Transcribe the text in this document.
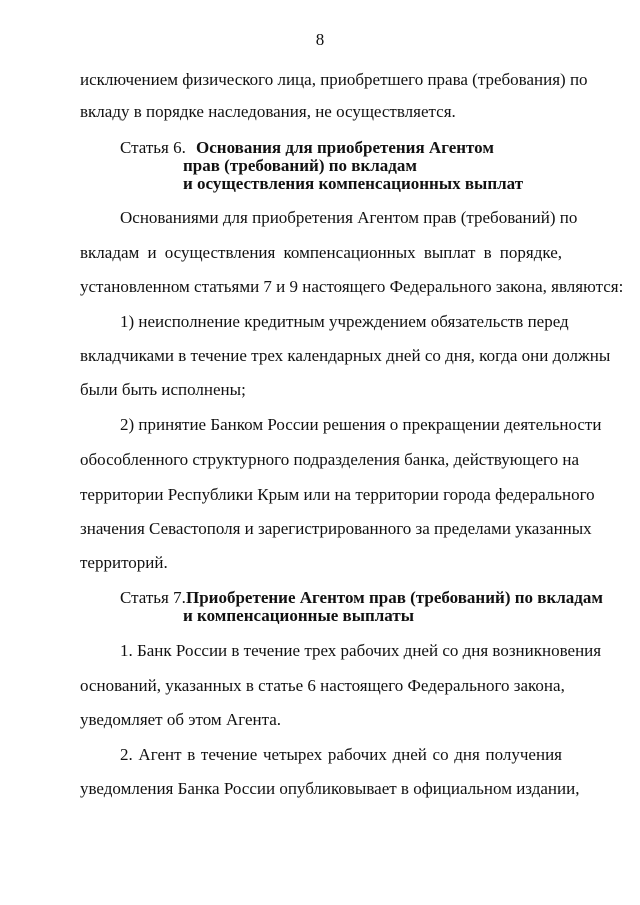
8
исключением физического лица, приобретшего права (требования) по
вкладу в порядке наследования, не осуществляется.
Статья 6. Основания для приобретения Агентом
прав (требований) по вкладам
и осуществления компенсационных выплат
Основаниями для приобретения Агентом прав (требований) по
вкладам и осуществления компенсационных выплат в порядке,
установленном статьями 7 и 9 настоящего Федерального закона, являются:
1) неисполнение кредитным учреждением обязательств перед
вкладчиками в течение трех календарных дней со дня, когда они должны
были быть исполнены;
2) принятие Банком России решения о прекращении деятельности
обособленного структурного подразделения банка, действующего на
территории Республики Крым или на территории города федерального
значения Севастополя и зарегистрированного за пределами указанных
территорий.
Статья 7. Приобретение Агентом прав (требований) по вкладам
и компенсационные выплаты
1. Банк России в течение трех рабочих дней со дня возникновения
оснований, указанных в статье 6 настоящего Федерального закона,
уведомляет об этом Агента.
2. Агент в течение четырех рабочих дней со дня получения
уведомления Банка России опубликовывает в официальном издании,
